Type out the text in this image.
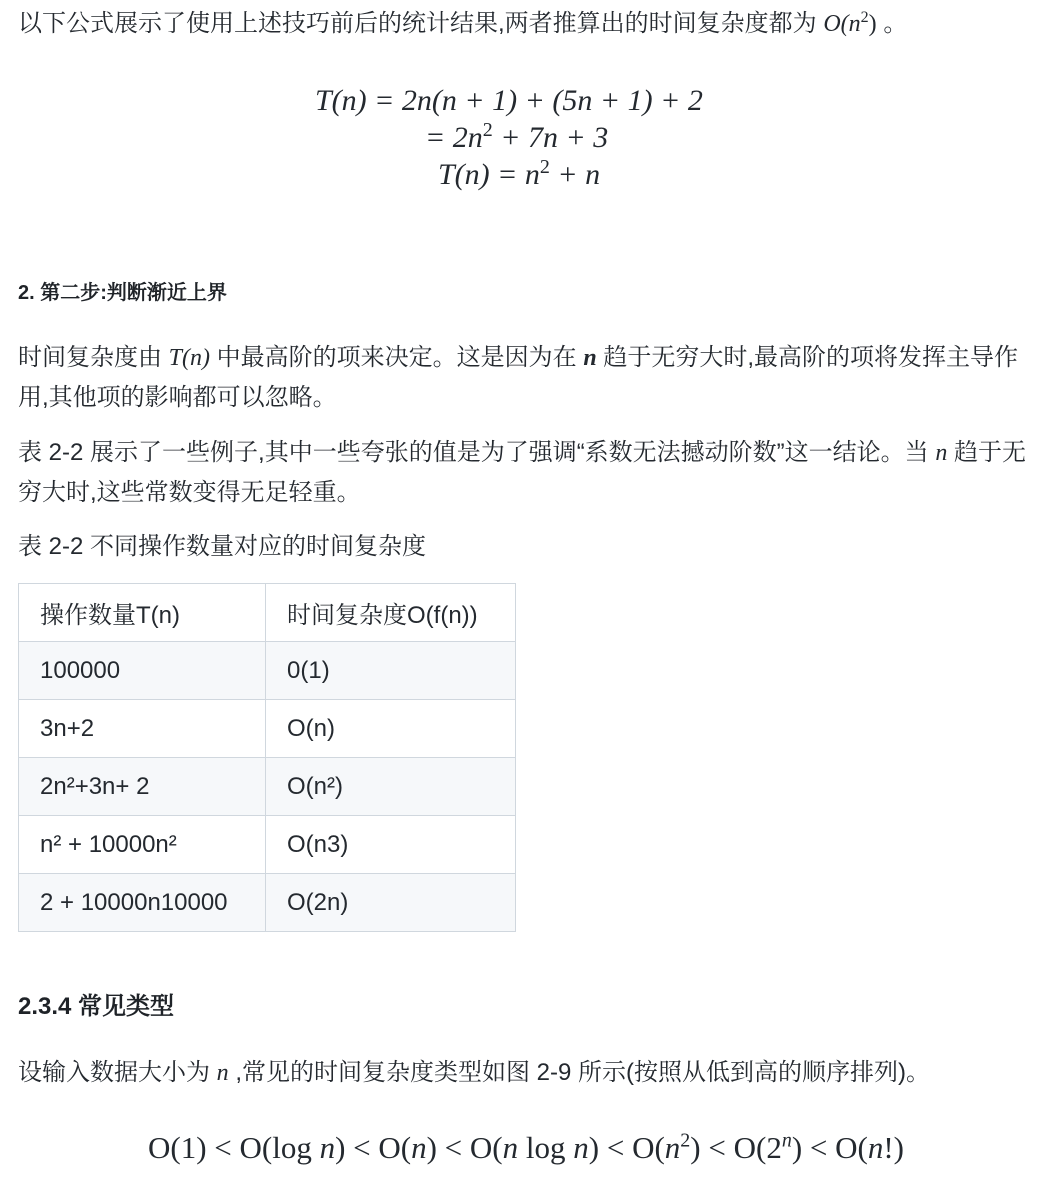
以下公式展示了使用上述技巧前后的统计结果,两者推算出的时间复杂度都为 $O(n^2)$ 。

T(n) = 2n(n + 1) + (5n + 1) + 2
= $2n^2 + 7n + 3$
$T(n) = n^2 + n$
2. 第二步:判断渐近上界

时间复杂度由 T(n) 中最高阶的项来决定。这是因为在 n 趋于无穷大时,最高阶的项将发挥主导作用,其他项的影响都可以忽略。

表 2-2 展示了一些例子,其中一些夸张的值是为了强调“系数无法撼动阶数”这一结论。当 n 趋于无穷大时,这些常数变得无足轻重。

表 2-2 不同操作数量对应的时间复杂度

操作数量T(n)	时间复杂度O(f(n))
100000	0(1)
3n+2	O(n)
2n²+3n+ 2	O(n²)
n² + 10000n²	O(n3)
2 + 10000n10000	O(2n)
2.3.4 常见类型

设输入数据大小为 n ,常见的时间复杂度类型如图 2-9 所示(按照从低到高的顺序排列)。

O(1) < O(log n) < O(n) < O(n $\log n) < O(n^2) < O(2^n) < O(n!)$
